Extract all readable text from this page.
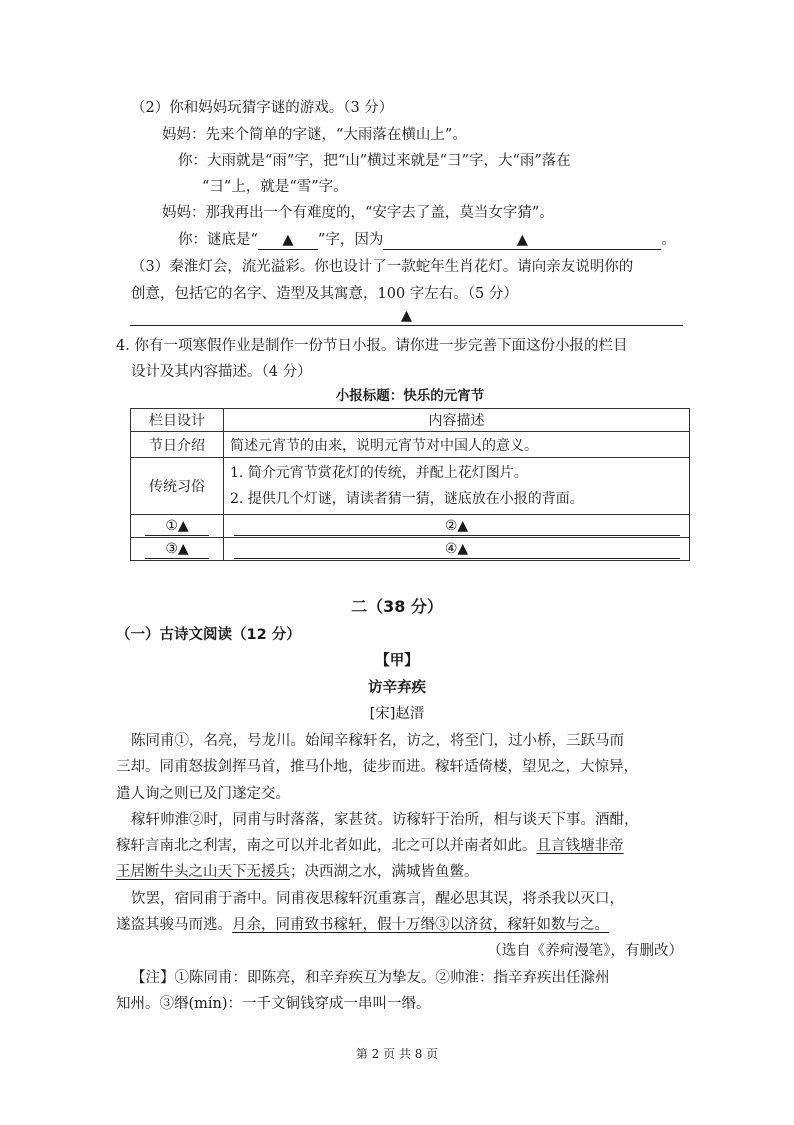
（2）你和妈妈玩猜字谜的游戏。（3 分）
妈妈：先来个简单的字谜，“大雨落在横山上”。
你：大雨就是“雨”字，把“山”横过来就是“彐”字，大“雨”落在
“彐”上，就是“雪”字。
妈妈：那我再出一个有难度的，“安字去了盖，莫当女字猜”。
你：谜底是“ ▲ ”字，因为	▲	。
（3）秦淮灯会，流光溢彩。你也设计了一款蛇年生肖花灯。请向亲友说明你的
创意，包括它的名字、造型及其寓意，100 字左右。（5 分）
▲
4. 你有一项寒假作业是制作一份节日小报。请你进一步完善下面这份小报的栏目
设计及其内容描述。（4 分）
小报标题：快乐的元宵节
栏目设计	内容描述
节日介绍	简述元宵节的由来，说明元宵节对中国人的意义。
传统习俗	1. 简介元宵节赏花灯的传统，并配上花灯图片。
2. 提供几个灯谜，请读者猜一猜，谜底放在小报的背面。

①▲	②▲
③▲	④▲
二（38 分）
（一）古诗文阅读（12 分）
【甲】
访辛弃疾
[宋]赵溍
陈同甫①，名亮，号龙川。始闻辛稼轩名，访之，将至门，过小桥，三跃马而
三却。同甫怒拔剑挥马首，推马仆地，徒步而进。稼轩适倚楼，望见之，大惊异，
遣人询之则已及门遂定交。
稼轩帅淮②时，同甫与时落落，家甚贫。访稼轩于治所，相与谈天下事。酒酣，
稼轩言南北之利害，南之可以并北者如此，北之可以并南者如此。且言钱塘非帝
王居断牛头之山天下无援兵；决西湖之水，满城皆鱼鳖。
饮罢，宿同甫于斋中。同甫夜思稼轩沉重寡言，醒必思其误，将杀我以灭口，
遂盗其骏马而逃。月余，同甫致书稼轩，假十万缗③以济贫，稼轩如数与之。
（选自《养疴漫笔》，有删改）
【注】①陈同甫：即陈亮，和辛弃疾互为挚友。②帅淮：指辛弃疾出任滁州
知州。③缗(mín)：一千文铜钱穿成一串叫一缗。
第 2 页 共 8 页
